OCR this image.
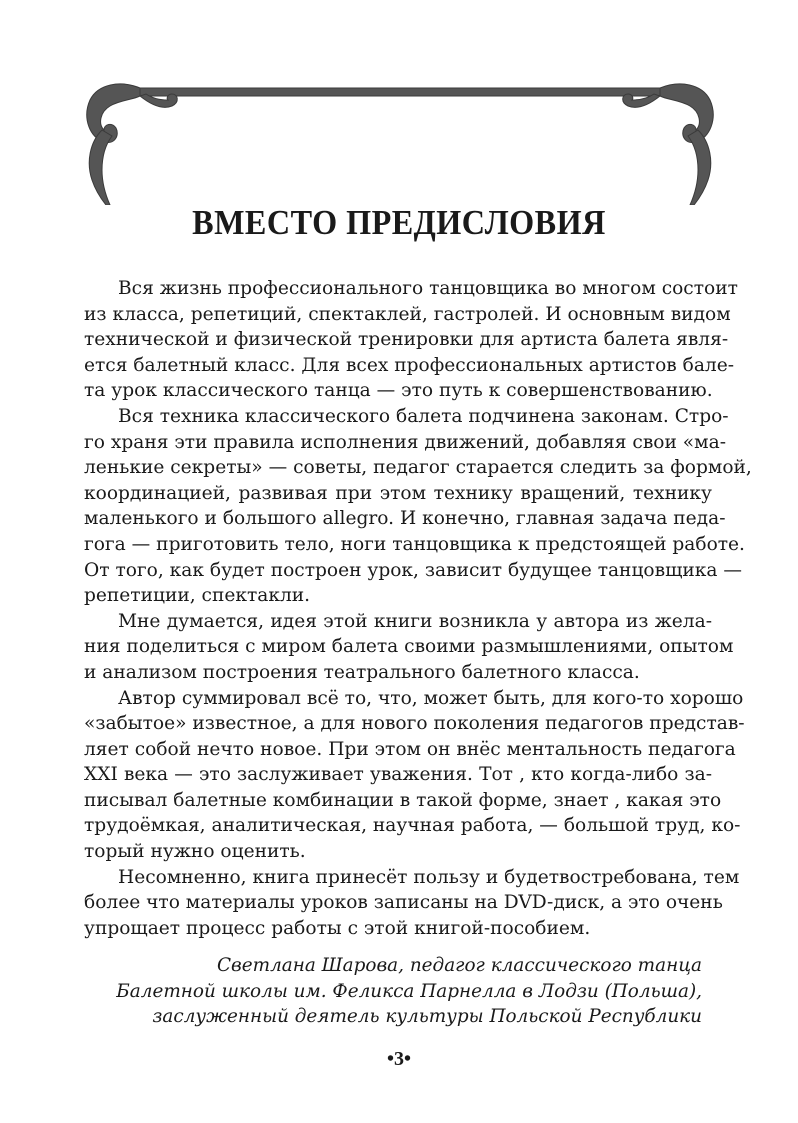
ВМЕСТО ПРЕДИСЛОВИЯ
Вся жизнь профессионального танцовщика во многом состоит
из класса, репетиций, спектаклей, гастролей. И основным видом
технической и физической тренировки для артиста балета явля-
ется балетный класс. Для всех профессиональных артистов бале-
та урок классического танца — это путь к совершенствованию.
Вся техника классического балета подчинена законам. Стро-
го храня эти правила исполнения движений, добавляя свои «ма-
ленькие секреты» — советы, педагог старается следить за формой,
координацией, развивая при этом технику вращений, технику
маленького и большого allegro. И конечно, главная задача педа-
гога — приготовить тело, ноги танцовщика к предстоящей работе.
От того, как будет построен урок, зависит будущее танцовщика —
репетиции, спектакли.
Мне думается, идея этой книги возникла у автора из жела-
ния поделиться с миром балета своими размышлениями, опытом
и анализом построения театрального балетного класса.
Автор суммировал всё то, что, может быть, для кого-то хорошо
«забытое» известное, а для нового поколения педагогов представ-
ляет собой нечто новое. При этом он внёс ментальность педагога
XXI века — это заслуживает уважения. Тот , кто когда-либо за-
писывал балетные комбинации в такой форме, знает , какая это
трудоёмкая, аналитическая, научная работа, — большой труд, ко-
торый нужно оценить.
Несомненно, книга принесёт пользу и будетвостребована, тем
более что материалы уроков записаны на DVD-диск, а это очень
упрощает процесс работы с этой книгой-пособием.
Светлана Шарова, педагог классического танца
Балетной школы им. Феликса Парнелла в Лодзи (Польша),
заслуженный деятель культуры Польской Республики
•3•
